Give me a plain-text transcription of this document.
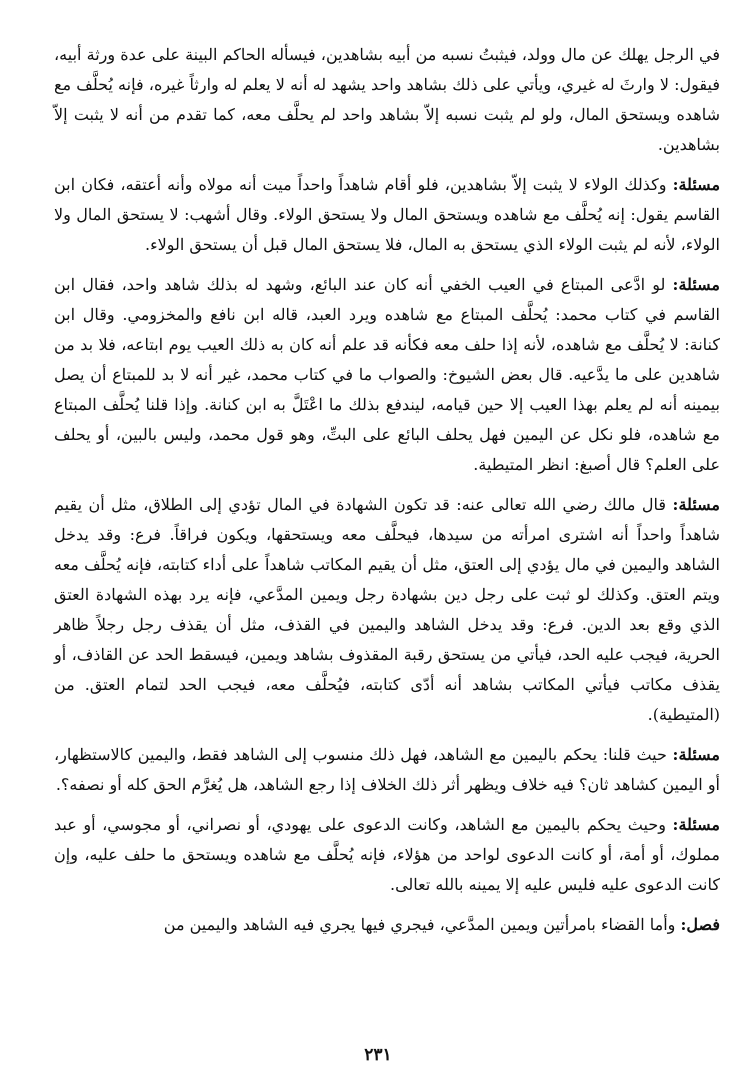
في الرجل يهلك عن مال وولد، فيثبتُ نسبه من أبيه بشاهدين، فيسأله الحاكم البينة على عدة ورثة أبيه، فيقول: لا وارثَ له غيري، ويأتي على ذلك بشاهد واحد يشهد له أنه لا يعلم له وارثاً غيره، فإنه يُحلَّف مع شاهده ويستحق المال، ولو لم يثبت نسبه إلاّ بشاهد واحد لم يحلَّف معه، كما تقدم من أنه لا يثبت إلاّ بشاهدين.

مسئلة: وكذلك الولاء لا يثبت إلاّ بشاهدين، فلو أقام شاهداً واحداً ميت أنه مولاه وأنه أعتقه، فكان ابن القاسم يقول: إنه يُحلَّف مع شاهده ويستحق المال ولا يستحق الولاء. وقال أشهب: لا يستحق المال ولا الولاء، لأنه لم يثبت الولاء الذي يستحق به المال، فلا يستحق المال قبل أن يستحق الولاء.

مسئلة: لو ادَّعى المبتاع في العيب الخفي أنه كان عند البائع، وشهد له بذلك شاهد واحد، فقال ابن القاسم في كتاب محمد: يُحلَّف المبتاع مع شاهده ويرد العبد، قاله ابن نافع والمخزومي. وقال ابن كنانة: لا يُحلَّف مع شاهده، لأنه إذا حلف معه فكأنه قد علم أنه كان به ذلك العيب يوم ابتاعه، فلا بد من شاهدين على ما يدَّعيه. قال بعض الشيوخ: والصواب ما في كتاب محمد، غير أنه لا بد للمبتاع أن يصل بيمينه أنه لم يعلم بهذا العيب إلا حين قيامه، ليندفع بذلك ما اعْتَلَّ به ابن كنانة. وإذا قلنا يُحلَّف المبتاع مع شاهده، فلو نكل عن اليمين فهل يحلف البائع على البتِّ، وهو قول محمد، وليس بالبين، أو يحلف على العلم؟ قال أصبغ: انظر المتيطية.

مسئلة: قال مالك رضي الله تعالى عنه: قد تكون الشهادة في المال تؤدي إلى الطلاق، مثل أن يقيم شاهداً واحداً أنه اشترى امرأته من سيدها، فيحلَّف معه ويستحقها، ويكون فراقاً. فرع: وقد يدخل الشاهد واليمين في مال يؤدي إلى العتق، مثل أن يقيم المكاتب شاهداً على أداء كتابته، فإنه يُحلَّف معه ويتم العتق. وكذلك لو ثبت على رجل دين بشهادة رجل ويمين المدَّعي، فإنه يرد بهذه الشهادة العتق الذي وقع بعد الدين. فرع: وقد يدخل الشاهد واليمين في القذف، مثل أن يقذف رجل رجلاً ظاهر الحرية، فيجب عليه الحد، فيأتي من يستحق رقبة المقذوف بشاهد ويمين، فيسقط الحد عن القاذف، أو يقذف مكاتب فيأتي المكاتب بشاهد أنه أدّى كتابته، فيُحلَّف معه، فيجب الحد لتمام العتق. من (المتيطية).

مسئلة: حيث قلنا: يحكم باليمين مع الشاهد، فهل ذلك منسوب إلى الشاهد فقط، واليمين كالاستظهار، أو اليمين كشاهد ثان؟ فيه خلاف ويظهر أثر ذلك الخلاف إذا رجع الشاهد، هل يُغرَّم الحق كله أو نصفه؟.

مسئلة: وحيث يحكم باليمين مع الشاهد، وكانت الدعوى على يهودي، أو نصراني، أو مجوسي، أو عبد مملوك، أو أمة، أو كانت الدعوى لواحد من هؤلاء، فإنه يُحلَّف مع شاهده ويستحق ما حلف عليه، وإن كانت الدعوى عليه فليس عليه إلا يمينه بالله تعالى.

فصل: وأما القضاء بامرأتين ويمين المدَّعي، فيجري فيها يجري فيه الشاهد واليمين من

٢٣١
